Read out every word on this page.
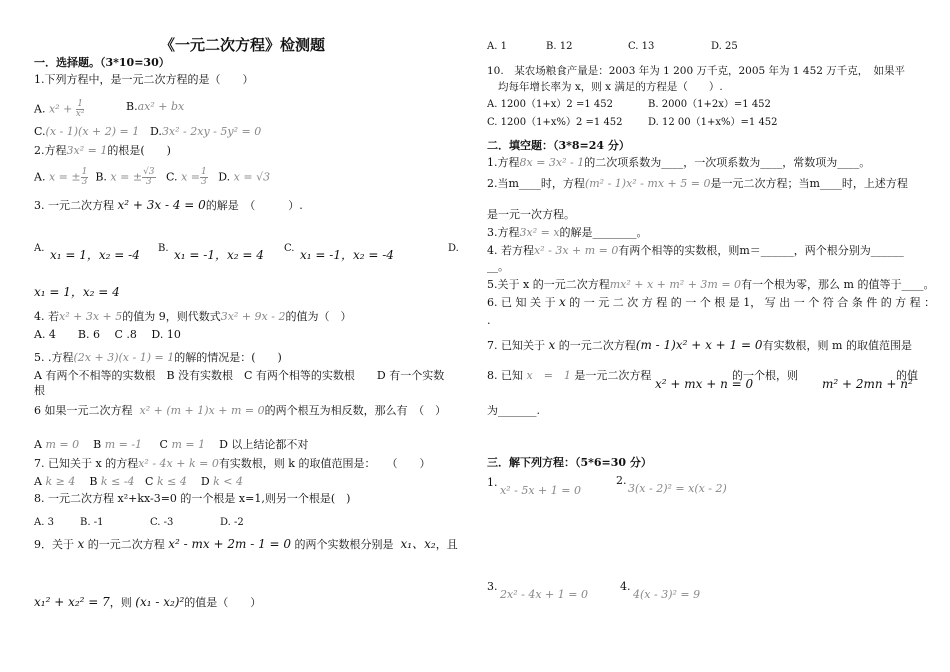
《一元二次方程》检测题
一．选择题。（3*10=30）
1.下列方程中，是一元二次方程的是（　　）
A. $x^2 + \frac{1}{\text{x²}}$	B.ax² + bx
C.(x - 1)(x + 2) = 1 D.3x² - 2xy - 5y² = 0
2.方程3x² = 1的根是(　　)
A. x = ± $\frac{1}{3} B$. x = ± $\frac{√3}{3} C$. $x = \frac{1}{3} D$. x = √3
3. 一元二次方程 x² + 3x - 4 = 0的解是　（　　　）.
A. x₁ = 1，x₂ = -4 B. x₁ = -1，x₂ = 4 C. x₁ = -1，x₂ = -4	D.
x₁ = 1，x₂ = 4
4. 若x² + 3x + 5的值为 9，则代数式3x² + 9x - 2的值为（　）
A. 4　　B. 6　 C .8　 D. 10
5. .方程(2x + 3)(x - 1) = 1的解的情况是：(　　)
A 有两个不相等的实数根　B 没有实数根　C 有两个相等的实数根　　D 有一个实数
根
6 如果一元二次方程 x² + (m + 1)x + m = 0的两个根互为相反数，那么有　（　）
A m = 0 B m = -1 C m = 1 D 以上结论都不对
7. 已知关于 x 的方程x² - 4x + k = 0有实数根，则 k 的取值范围是：　　（　　）
A k ≥ 4 B k ≤ -4 C k ≤ 4 D k < 4
8. 一元二次方程 x²+kx-3=0 的一个根是 x=1,则另一个根是(　)
A. 3	B. -1	C. -3	D. -2
9．关于 x 的一元二次方程 x² - mx + 2m - 1 = 0 的两个实数根分别是 x₁、x₂，且
x₁² + x₂² = 7，则 (x₁ - x₂)²的值是（　　）
A. 1	B. 12	C. 13	D. 25
10.　某农场粮食产量是：2003 年为 1 200 万千克，2005 年为 1 452 万千克，　如果平
均每年增长率为 x，则 x 满足的方程是（　　）.
A. 1200（1+x）2 =1 452	B. 2000（1+2x）=1 452
C. 1200（1+x%）2 =1 452	D. 12 00（1+x%）=1 452
二．填空题：（3*8=24 分）
1.方程8x = 3x² - 1的二次项系数为____，一次项系数为____，常数项为____。
2.当m____时，方程(m² - 1)x² - mx + 5 = 0是一元二次方程；当m____时，上述方程
是一元一次方程。
3.方程3x² = x的解是________。
4. 若方程x² - 3x + m = 0有两个相等的实数根，则m＝______，两个根分别为______
__。
5.关于 x 的一元二次方程mx² + x + m² + 3m = 0有一个根为零，那么 m 的值等于____。
6. 已 知 关 于 x 的 一 元 二 次 方 程 的 一 个 根 是 1， 写 出 一 个 符 合 条 件 的 方 程 ：
.
7. 已知关于 x 的一元二次方程(m - 1)x² + x + 1 = 0有实数根，则 m 的取值范围是
8. 已知 x　=　1 是一元二次方程
x² + mx + n = 0
的一个根，则
m² + 2mn + n²
的值
为_______.
三．解下列方程：（5*6=30 分）
1.
x² - 5x + 1 = 0
2.
3(x - 2)² = x(x - 2)
3.
2x² - 4x + 1 = 0
4.
4(x - 3)² = 9
